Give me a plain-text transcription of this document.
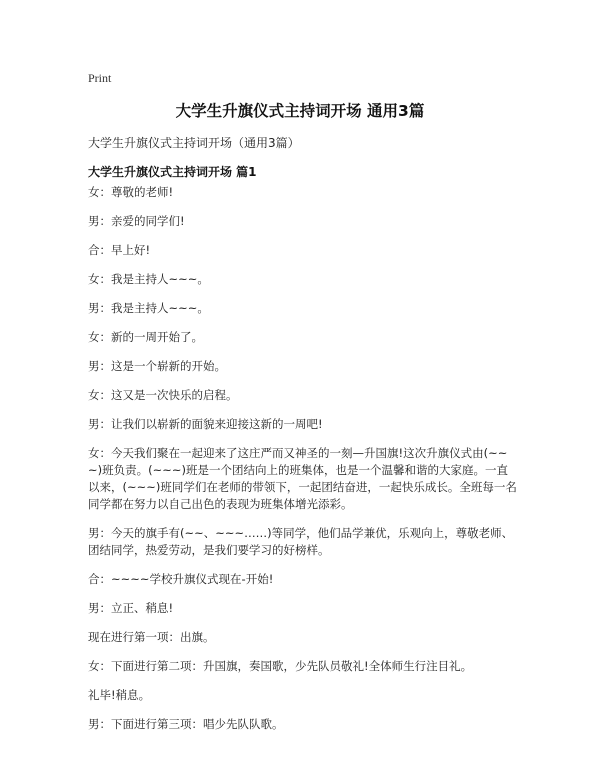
Print
大学生升旗仪式主持词开场 通用3篇
大学生升旗仪式主持词开场（通用3篇）
大学生升旗仪式主持词开场 篇1

女：尊敬的老师!

男：亲爱的同学们!

合：早上好!

女：我是主持人~~~。

男：我是主持人~~~。

女：新的一周开始了。

男：这是一个崭新的开始。

女：这又是一次快乐的启程。

男：让我们以崭新的面貌来迎接这新的一周吧!

女：今天我们聚在一起迎来了这庄严而又神圣的一刻—升国旗!这次升旗仪式由(~~~)班负责。(~~~)班是一个团结向上的班集体，也是一个温馨和谐的大家庭。一直以来，(~~~)班同学们在老师的带领下，一起团结奋进，一起快乐成长。全班每一名同学都在努力以自己出色的表现为班集体增光添彩。

男：今天的旗手有(~~、~~~……)等同学，他们品学兼优，乐观向上，尊敬老师、团结同学，热爱劳动，是我们要学习的好榜样。

合：~~~~学校升旗仪式现在-开始!

男：立正、稍息!

现在进行第一项：出旗。

女：下面进行第二项：升国旗，奏国歌，少先队员敬礼!全体师生行注目礼。

礼毕!稍息。

男：下面进行第三项：唱少先队队歌。
